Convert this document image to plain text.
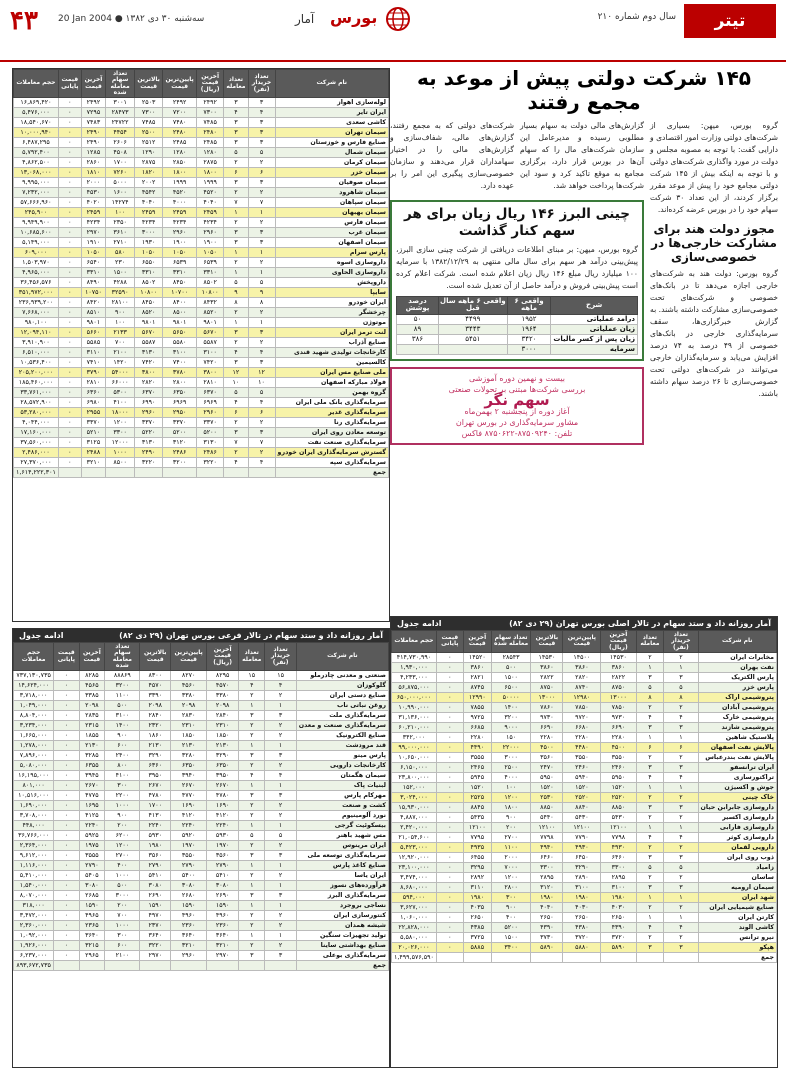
۴۳ 20 Jan 2004 ● ۱۳۸۲ سه‌شنبه ۳۰ دی	آمار بورس	سال دوم شماره ۲۱۰	تیتر
نام شرکت	تعداد خریدار (نفر)	تعداد معامله	آخرین قیمت (ریال)	پایین‌ترین قیمت	بالاترین قیمت	تعداد سهام معامله شده	آخرین قیمت	قیمت پایانی	حجم معاملات
لوله‌سازی اهواز	۳	۳	۲۴۹۲	۲۴۹۲	۲۵۰۳	۳۰۰۱	۲۴۹۲	۰	۱۶,۸۶۹,۴۲۰
ایران تایر	۴	۴	۷۳۰۰	۷۲۰۰	۷۳۰۰	۲۸۴۷۳	۷۲۹۵	۰	۵,۴۷۶,۰۰۰
کاشی سعدی	۳	۳	۷۴۸۵	۷۴۸۰	۷۴۸۵	۲۴۷۲۲	۷۴۸۳	۰	۱۸,۵۴۰,۶۷۰
سیمان تهران	۳	۳	۲۴۸۰	۲۴۸۰	۲۵۰۰	۴۴۵۴	۲۴۹۰	۰	۱۰,۰۰۰,۹۴۰
صنایع فارس و خوزستان	۳	۳	۲۴۸۵	۲۴۸۵	۲۵۱۲	۲۶۰۶	۲۴۹۰	۰	۶,۴۸۷,۲۹۵
سیمان شمال	۵	۵	۱۲۸۰	۱۲۸۰	۱۲۹۰	۴۵۰۸	۱۲۸۵	۰	۵,۷۹۲,۴۰۰
سیمان کرمان	۲	۲	۲۸۷۵	۲۸۵۰	۲۸۷۵	۱۷۰۰	۲۸۶۰	۰	۴,۸۶۲,۵۰۰
سیمان خزر	۶	۶	۱۸۰۰	۱۸۰۰	۱۸۲۰	۷۲۶۰	۱۸۱۰	۰	۱۳,۰۶۸,۰۰۰
سیمان صوفیان	۳	۳	۱۹۹۹	۱۹۹۹	۲۰۰۲	۵۰۰۰	۲۰۰۰	۰	۹,۹۹۵,۰۰۰
سیمان شاهرود	۲	۲	۴۵۲۰	۴۵۲۰	۴۵۴۲	۱۶۰۰	۴۵۳۰	۰	۷,۲۳۲,۰۰۰
سیمان سپاهان	۷	۷	۴۰۴۰	۴۰۰۰	۴۰۴۰	۱۴۲۷۴	۴۰۲۰	۰	۵۷,۶۶۶,۹۶۰
سیمان بهبهان	۱	۱	۲۴۵۹	۲۴۵۹	۲۴۵۹	۱۰۰	۲۴۵۹	۰	۲۴۵,۹۰۰
سیمان فارس	۲	۲	۴۲۳۴	۴۲۳۴	۴۲۳۴	۲۳۵۰	۴۲۳۴	۰	۹,۹۴۹,۹۰۰
سیمان غرب	۳	۳	۲۹۶۰	۲۹۶۰	۳۰۰۰	۳۶۱۰	۲۹۷۰	۰	۱۰,۶۸۵,۶۰۰
سیمان اصفهان	۳	۳	۱۹۰۰	۱۹۰۰	۱۹۳۰	۲۷۱۰	۱۹۱۰	۰	۵,۱۴۹,۰۰۰
پارس سرام	۱	۱	۱۰۵۰	۱۰۵۰	۱۰۵۰	۵۸۰	۱۰۵۰	۰	۶۰۹,۰۰۰
داروسازی اسوه	۲	۲	۶۵۳۹	۶۵۳۹	۶۵۵۰	۲۳۰	۶۵۴۰	۰	۱,۵۰۳,۹۷۰
داروسازی الحاوی	۱	۱	۳۳۱۰	۳۳۱۰	۳۳۱۰	۱۵۰۰	۳۳۱۰	۰	۴,۹۶۵,۰۰۰
داروپخش	۵	۵	۸۵۰۲	۸۴۵۰	۸۵۰۲	۴۲۸۸	۸۴۹۰	۰	۳۶,۴۵۶,۵۷۶
سایپا	۹	۹	۱۰۸۰۰	۱۰۷۰۰	۱۰۸۰۰	۳۲۵۹۰	۱۰۷۵۰	۰	۳۵۱,۹۷۲,۰۰۰
ایران خودرو	۸	۸	۸۴۳۲	۸۴۰۰	۸۴۵۰	۲۸۱۰۰	۸۴۲۰	۰	۲۳۶,۹۳۹,۲۰۰
چرخشگر	۲	۲	۸۵۲۰	۸۵۰۰	۸۵۲۰	۹۰۰	۸۵۱۰	۰	۷,۶۶۸,۰۰۰
موتوژن	۱	۱	۹۸۰۱	۹۸۰۱	۹۸۰۱	۱۰۰	۹۸۰۱	۰	۹۸۰,۱۰۰
لنت ترمز ایران	۳	۳	۵۶۷۰	۵۶۵۰	۵۶۷۰	۲۱۳۳	۵۶۶۰	۰	۱۲,۰۹۴,۱۱۰
صنایع آذراب	۲	۲	۵۵۸۷	۵۵۸۰	۵۵۸۷	۷۰۰	۵۵۸۵	۰	۳,۹۱۰,۹۰۰
کارخانجات تولیدی شهید قندی	۴	۴	۳۱۰۰	۳۱۰۰	۳۱۳۰	۲۱۰۰	۳۱۱۰	۰	۶,۵۱۰,۰۰۰
کالسیمین	۳	۳	۷۴۲۰	۷۴۰۰	۷۴۲۰	۱۴۲۰	۷۴۱۰	۰	۱۰,۵۳۶,۴۰۰
ملی صنایع مس ایران	۱۲	۱۲	۳۸۰۰	۳۷۸۰	۳۸۰۰	۵۴۰۰۰	۳۷۹۰	۰	۲۰۵,۲۰۰,۰۰۰
فولاد مبارکه اصفهان	۱۰	۱۰	۲۸۱۰	۲۸۰۰	۲۸۲۰	۶۶۰۰۰	۲۸۱۰	۰	۱۸۵,۴۶۰,۰۰۰
گروه بهمن	۵	۵	۶۳۷۰	۶۳۵۰	۶۳۷۰	۵۳۰۰	۶۳۶۰	۰	۳۳,۷۶۱,۰۰۰
سرمایه‌گذاری بانک ملی ایران	۴	۴	۶۹۶۹	۶۹۶۹	۶۹۹۰	۴۱۰۰	۶۹۸۰	۰	۲۸,۵۷۲,۹۰۰
سرمایه‌گذاری غدیر	۶	۶	۲۹۶۰	۲۹۵۰	۲۹۶۰	۱۸۰۰۰	۲۹۵۵	۰	۵۳,۲۸۰,۰۰۰
سرمایه‌گذاری رنا	۲	۲	۳۳۷۰	۳۳۷۰	۳۳۷۰	۱۲۰۰	۳۳۷۰	۰	۴,۰۴۴,۰۰۰
توسعه معادن روی ایران	۳	۳	۵۲۰۰	۵۲۰۰	۵۲۲۰	۳۳۰۰	۵۲۱۰	۰	۱۷,۱۶۰,۰۰۰
سرمایه‌گذاری صنعت نفت	۷	۷	۳۱۳۰	۳۱۲۰	۳۱۳۰	۱۲۰۰۰	۳۱۲۵	۰	۳۷,۵۶۰,۰۰۰
گسترش سرمایه‌گذاری ایران خودرو	۲	۲	۲۴۸۶	۲۴۸۶	۲۴۹۰	۱۰۰۰	۲۴۸۸	۰	۲,۴۸۶,۰۰۰
سرمایه‌گذاری سپه	۴	۴	۳۲۲۰	۳۲۰۰	۳۲۲۰	۸۵۰۰	۳۲۱۰	۰	۲۷,۳۷۰,۰۰۰
جمع									۱,۶۱۴,۲۲۲,۳۰۱
۱۴۵ شرکت دولتی پیش از موعد به مجمع رفتند
گروه بورس، میهن: بسیاری از شرکت‌های دولتی وزارت امور اقتصادی و دارایی گفت: با توجه به مصوبه مجلس و دولت در مورد واگذاری شرکت‌های دولتی و با توجه به اینکه بیش از ۱۴۵ شرکت دولتی مجامع خود را پیش از موعد مقرر برگزار کردند، از این تعداد ۳۰ شرکت سهام خود را در بورس عرضه کرده‌اند.
مجوز دولت هند برای مشارکت خارجی‌ها در خصوصی‌سازی
گروه بورس: دولت هند به شرکت‌های خارجی اجازه می‌دهد تا در بانک‌های خصوصی و شرکت‌های تحت خصوصی‌سازی مشارکت داشته باشند. به گزارش خبرگزاری‌ها، سقف سرمایه‌گذاری خارجی در بانک‌های خصوصی از ۴۹ درصد به ۷۴ درصد افزایش می‌یابد و سرمایه‌گذاران خارجی می‌توانند در شرکت‌های دولتی تحت خصوصی‌سازی تا ۲۶ درصد سهام داشته باشند.
گزارش‌های مالی دولت به سهام بسیار مطلوبی رسیده و مدیرعامل این سازمان شرکت‌های مال را که سهام آن‌ها در بورس قرار دارد، برگزاری مجامع به موقع تاکید کرد و سود این شرکت‌ها پرداخت خواهد شد.
شرکت‌های دولتی که به مجمع رفتند، گزارش‌های مالی، شفاف‌سازی و گزارش‌های مالی را در اختیار سهامداران قرار می‌دهند و سازمان خصوصی‌سازی پیگیری این امر را بر عهده دارد.
چینی البرز ۱۴۶ ریال زیان برای هر سهم کنار گذاشت
گروه بورس، میهن: بر مبنای اطلاعات دریافتی از شرکت چینی سازی البرز، پیش‌بینی درآمد هر سهم برای سال مالی منتهی به ۱۳۸۲/۱۲/۲۹ با سرمایه ۱۰۰ میلیارد ریال مبلغ ۱۴۶ ریال زیان اعلام شده است. شرکت اعلام کرده است پیش‌بینی فروش و درآمد حاصل از آن تعدیل شده است.
شرح	واقعی ۶ ماهه	واقعی ۶ ماهه سال قبل	درصد پوشش
درآمد عملیاتی	۱۹۵۲	۴۴۹۹	۵۰
زیان عملیاتی	۱۹۶۴	۳۴۴۳	۸۹
زیان پس از کسر مالیات	۳۴۲۰	۵۴۵۱	۳۸۶
سرمایه	۳۰۰۰		
بیست و نهمین دوره آموزشی
بررسی شرکت‌ها مبتنی بر تحولات صنعتی
سهم نگر
آغاز دوره از پنجشنبه ۲ بهمن‌ماه
مشاور سرمایه‌گذاری در بورس تهران
تلفن: ۸۷۵۰۹۲۴۰-۸۷۵۰۶۲۲ فاکس
آمار روزانه داد و ستد سهام در تالار اصلی بورس تهران (۲۹ دی ۸۲)
ادامه جدول
نام شرکت	تعداد خریدار (نفر)	تعداد معامله	آخرین قیمت (ریال)	پایین‌ترین قیمت	بالاترین قیمت	تعداد سهام معامله شده	آخرین قیمت	قیمت پایانی	حجم معاملات
مخابرات ایران	۲	۲	۱۴۵۳۰	۱۴۵۰۰	۱۴۵۳۰	۲۸۵۴۳	۱۴۵۲۰	۰	۴۱۴,۷۳۰,۹۹۰
نفت بهران	۱	۱	۳۸۶۰	۳۸۶۰	۳۸۶۰	۵۰۰	۳۸۶۰	۰	۱,۹۳۰,۰۰۰
پارس الکتریک	۳	۳	۲۸۲۲	۲۸۲۰	۲۸۲۲	۱۵۰۰	۲۸۲۱	۰	۴,۲۳۳,۰۰۰
پارس خزر	۵	۵	۸۷۵۰	۸۷۴۰	۸۷۵۰	۶۵۰۰	۸۷۴۵	۰	۵۶,۸۷۵,۰۰۰
پتروشیمی اراک	۸	۸	۱۳۰۰۰	۱۲۹۸۰	۱۳۰۰۰	۵۰۰۰۰	۱۲۹۹۰	۰	۶۵۰,۰۰۰,۰۰۰
پتروشیمی آبادان	۲	۲	۷۸۵۰	۷۸۵۰	۷۸۶۰	۱۴۰۰	۷۸۵۵	۰	۱۰,۹۹۰,۰۰۰
پتروشیمی خارک	۴	۴	۹۷۳۰	۹۷۲۰	۹۷۳۰	۳۲۰۰	۹۷۲۵	۰	۳۱,۱۳۶,۰۰۰
پتروشیمی شازند	۳	۳	۶۶۹۰	۶۶۸۰	۶۶۹۰	۹۰۰۰	۶۶۸۵	۰	۶۰,۲۱۰,۰۰۰
پلاستیک شاهین	۱	۱	۲۲۸۰	۲۲۸۰	۲۲۸۰	۱۵۰	۲۲۸۰	۰	۳۴۲,۰۰۰
پالایش نفت اصفهان	۶	۶	۴۵۰۰	۴۴۸۰	۴۵۰۰	۲۲۰۰۰	۴۴۹۰	۰	۹۹,۰۰۰,۰۰۰
پالایش نفت بندرعباس	۲	۲	۳۵۵۰	۳۵۵۰	۳۵۶۰	۳۰۰۰	۳۵۵۵	۰	۱۰,۶۵۰,۰۰۰
ایران ترانسفو	۳	۳	۲۴۶۰	۲۴۶۰	۲۴۷۰	۲۵۰۰	۲۴۶۵	۰	۶,۱۵۰,۰۰۰
تراکتورسازی	۴	۴	۵۹۵۰	۵۹۴۰	۵۹۵۰	۴۰۰۰	۵۹۴۵	۰	۲۳,۸۰۰,۰۰۰
جوش و اکسیژن	۱	۱	۱۵۲۰	۱۵۲۰	۱۵۲۰	۱۰۰	۱۵۲۰	۰	۱۵۲,۰۰۰
خاک چینی	۲	۲	۲۵۲۰	۲۵۲۰	۲۵۳۰	۱۲۰۰	۲۵۲۵	۰	۳,۰۲۴,۰۰۰
داروسازی جابرابن حیان	۳	۳	۸۸۵۰	۸۸۴۰	۸۸۵۰	۱۸۰۰	۸۸۴۵	۰	۱۵,۹۳۰,۰۰۰
داروسازی اکسیر	۲	۲	۵۴۳۰	۵۴۳۰	۵۴۴۰	۹۰۰	۵۴۳۵	۰	۴,۸۸۷,۰۰۰
داروسازی فارابی	۱	۱	۱۲۱۰۰	۱۲۱۰۰	۱۲۱۰۰	۲۰۰	۱۲۱۰۰	۰	۲,۴۲۰,۰۰۰
داروسازی کوثر	۴	۴	۷۷۹۸	۷۷۹۰	۷۷۹۸	۲۷۰۰	۷۷۹۵	۰	۲۱,۰۵۴,۶۰۰
دارویی لقمان	۲	۲	۴۹۳۰	۴۹۳۰	۴۹۴۰	۱۱۰۰	۴۹۳۵	۰	۵,۴۲۳,۰۰۰
ذوب روی ایران	۳	۳	۶۴۶۰	۶۴۵۰	۶۴۶۰	۲۰۰۰	۶۴۵۵	۰	۱۲,۹۲۰,۰۰۰
زامیاد	۵	۵	۳۳۰۰	۳۲۹۰	۳۳۰۰	۷۰۰۰	۳۲۹۵	۰	۲۳,۱۰۰,۰۰۰
ساسان	۲	۲	۲۸۹۵	۲۸۹۰	۲۸۹۵	۱۲۰۰	۲۸۹۲	۰	۳,۴۷۴,۰۰۰
سیمان ارومیه	۳	۳	۳۱۰۰	۳۱۰۰	۳۱۲۰	۲۸۰۰	۳۱۱۰	۰	۸,۶۸۰,۰۰۰
شهد ایران	۱	۱	۱۹۸۰	۱۹۸۰	۱۹۸۰	۳۰۰	۱۹۸۰	۰	۵۹۴,۰۰۰
صنایع شیمیایی ایران	۲	۲	۴۰۳۰	۴۰۳۰	۴۰۴۰	۹۰۰	۴۰۳۵	۰	۳,۶۲۷,۰۰۰
کارتن ایران	۱	۱	۲۶۵۰	۲۶۵۰	۲۶۵۰	۴۰۰	۲۶۵۰	۰	۱,۰۶۰,۰۰۰
کاشی الوند	۴	۴	۴۳۹۰	۴۳۸۰	۴۳۹۰	۵۲۰۰	۴۳۸۵	۰	۲۲,۸۲۸,۰۰۰
نیرو ترانس	۲	۲	۳۷۲۰	۳۷۲۰	۳۷۳۰	۱۵۰۰	۳۷۲۵	۰	۵,۵۸۰,۰۰۰
هپکو	۳	۳	۵۸۹۰	۵۸۸۰	۵۸۹۰	۳۴۰۰	۵۸۸۵	۰	۲۰,۰۲۶,۰۰۰
جمع									۱,۴۹۹,۵۷۶,۵۹۰
آمار روزانه داد و ستد سهام در تالار فرعی بورس تهران (۲۹ دی ۸۲)
ادامه جدول
نام شرکت	تعداد خریدار (نفر)	تعداد معامله	آخرین قیمت (ریال)	پایین‌ترین قیمت	بالاترین قیمت	تعداد سهام معامله شده	آخرین قیمت	قیمت پایانی	حجم معاملات
صنعتی و معدنی چادرملو	۱۵	۱۵	۸۲۹۵	۸۲۷۰	۸۳۰۰	۸۸۸۶۹	۸۲۸۵	۰	۷۳۷,۱۳۰,۷۳۵
گلوکوزان	۴	۴	۴۵۷۰	۴۵۶۰	۴۵۷۰	۳۲۰۰	۴۵۶۵	۰	۱۴,۶۲۴,۰۰۰
صنایع دستی ایران	۲	۲	۳۳۸۰	۳۳۸۰	۳۳۹۰	۱۱۰۰	۳۳۸۵	۰	۳,۷۱۸,۰۰۰
روغن نباتی ناب	۱	۱	۲۰۹۸	۲۰۹۸	۲۰۹۸	۵۰۰	۲۰۹۸	۰	۱,۰۴۹,۰۰۰
سرمایه‌گذاری ملت	۳	۳	۲۸۴۰	۲۸۳۰	۲۸۴۰	۳۱۰۰	۲۸۳۵	۰	۸,۸۰۴,۰۰۰
سرمایه‌گذاری صنعت و معدن	۲	۲	۲۳۱۰	۲۳۱۰	۲۳۲۰	۱۴۰۰	۲۳۱۵	۰	۳,۲۳۴,۰۰۰
صنایع الکترونیک	۲	۲	۱۸۵۰	۱۸۵۰	۱۸۶۰	۹۰۰	۱۸۵۵	۰	۱,۶۶۵,۰۰۰
قند مرودشت	۱	۱	۲۱۳۰	۲۱۳۰	۲۱۳۰	۶۰۰	۲۱۳۰	۰	۱,۲۷۸,۰۰۰
پارس مینو	۳	۳	۳۲۹۰	۳۲۸۰	۳۲۹۰	۲۴۰۰	۳۲۸۵	۰	۷,۸۹۶,۰۰۰
کارخانجات دارویی	۲	۲	۶۳۵۰	۶۳۵۰	۶۳۶۰	۸۰۰	۶۳۵۵	۰	۵,۰۸۰,۰۰۰
سیمان هگمتان	۴	۴	۳۹۵۰	۳۹۴۰	۳۹۵۰	۴۱۰۰	۳۹۴۵	۰	۱۶,۱۹۵,۰۰۰
لبنیات پاک	۱	۱	۲۶۷۰	۲۶۷۰	۲۶۷۰	۳۰۰	۲۶۷۰	۰	۸۰۱,۰۰۰
مهرکام پارس	۳	۳	۴۷۸۰	۴۷۷۰	۴۷۸۰	۲۲۰۰	۴۷۷۵	۰	۱۰,۵۱۶,۰۰۰
کشت و صنعت	۲	۲	۱۶۹۰	۱۶۹۰	۱۷۰۰	۱۰۰۰	۱۶۹۵	۰	۱,۶۹۰,۰۰۰
نورد آلومینیوم	۲	۲	۴۱۲۰	۴۱۲۰	۴۱۳۰	۹۰۰	۴۱۲۵	۰	۳,۷۰۸,۰۰۰
بیسکوئیت گرجی	۱	۱	۲۲۴۰	۲۲۴۰	۲۲۴۰	۲۰۰	۲۲۴۰	۰	۴۴۸,۰۰۰
مس شهید باهنر	۵	۵	۵۹۳۰	۵۹۲۰	۵۹۳۰	۶۲۰۰	۵۹۲۵	۰	۳۶,۷۶۶,۰۰۰
ایران مرینوس	۲	۲	۱۹۷۰	۱۹۷۰	۱۹۸۰	۱۲۰۰	۱۹۷۵	۰	۲,۳۶۴,۰۰۰
سرمایه‌گذاری توسعه ملی	۳	۳	۳۵۶۰	۳۵۵۰	۳۵۶۰	۲۷۰۰	۳۵۵۵	۰	۹,۶۱۲,۰۰۰
صنایع کاغذ پارس	۱	۱	۲۷۹۰	۲۷۹۰	۲۷۹۰	۴۰۰	۲۷۹۰	۰	۱,۱۱۶,۰۰۰
ایران یاسا	۲	۲	۵۴۱۰	۵۴۰۰	۵۴۱۰	۱۰۰۰	۵۴۰۵	۰	۵,۴۱۰,۰۰۰
فرآورده‌های نسوز	۱	۱	۳۰۸۰	۳۰۸۰	۳۰۸۰	۵۰۰	۳۰۸۰	۰	۱,۵۴۰,۰۰۰
سرمایه‌گذاری البرز	۳	۳	۲۶۹۰	۲۶۸۰	۲۶۹۰	۳۰۰۰	۲۶۸۵	۰	۸,۰۷۰,۰۰۰
نساجی بروجرد	۱	۱	۱۵۹۰	۱۵۹۰	۱۵۹۰	۲۰۰	۱۵۹۰	۰	۳۱۸,۰۰۰
کنتورسازی ایران	۲	۲	۴۹۶۰	۴۹۶۰	۴۹۷۰	۷۰۰	۴۹۶۵	۰	۳,۴۷۲,۰۰۰
شیشه همدان	۲	۲	۲۳۶۰	۲۳۶۰	۲۳۷۰	۱۰۰۰	۲۳۶۵	۰	۲,۳۶۰,۰۰۰
تولید تجهیزات سنگین	۱	۱	۳۶۴۰	۳۶۴۰	۳۶۴۰	۳۰۰	۳۶۴۰	۰	۱,۰۹۲,۰۰۰
صنایع بهداشتی ساینا	۲	۲	۳۲۱۰	۳۲۱۰	۳۲۲۰	۶۰۰	۳۲۱۵	۰	۱,۹۲۶,۰۰۰
سرمایه‌گذاری بوعلی	۳	۳	۲۹۷۰	۲۹۶۰	۲۹۷۰	۲۱۰۰	۲۹۶۵	۰	۶,۲۳۷,۰۰۰
جمع									۸۹۳,۶۷۲,۷۳۵
